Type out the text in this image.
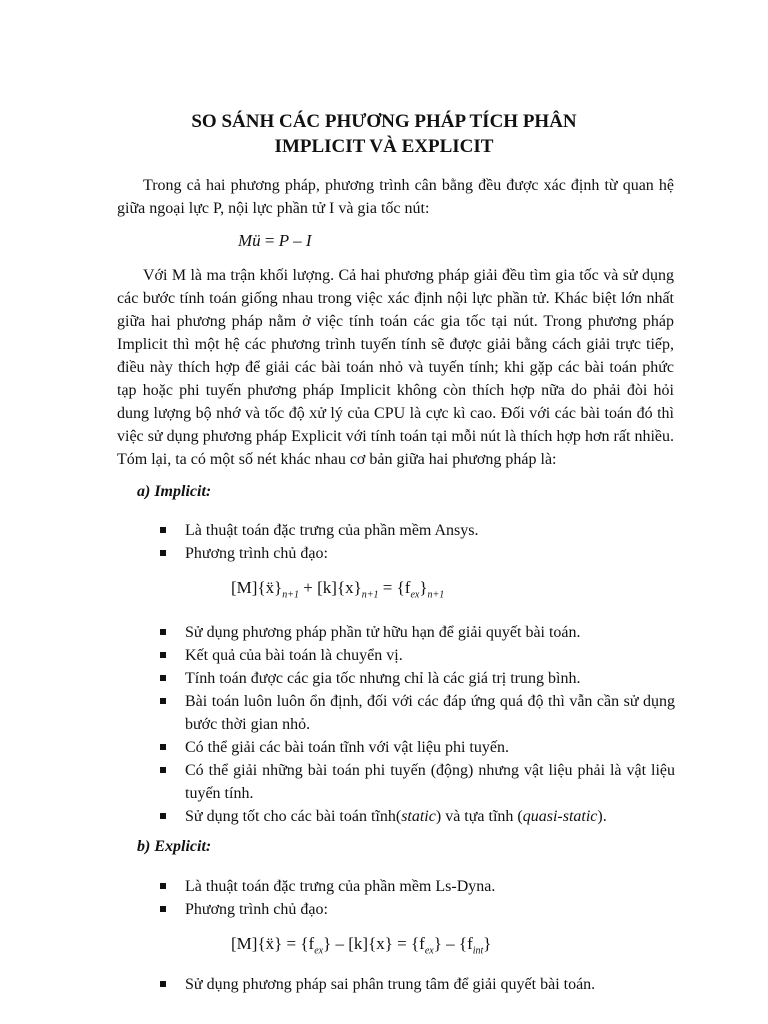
SO SÁNH CÁC PHƯƠNG PHÁP TÍCH PHÂN
IMPLICIT VÀ EXPLICIT

Trong cả hai phương pháp, phương trình cân bằng đều được xác định từ quan hệ giữa ngoại lực P, nội lực phần tử I và gia tốc nút:

Mü = P – I

Với M là ma trận khối lượng. Cả hai phương pháp giải đều tìm gia tốc và sử dụng các bước tính toán giống nhau trong việc xác định nội lực phần tử. Khác biệt lớn nhất giữa hai phương pháp nằm ở việc tính toán các gia tốc tại nút. Trong phương pháp Implicit thì một hệ các phương trình tuyến tính sẽ được giải bằng cách giải trực tiếp, điều này thích hợp để giải các bài toán nhỏ và tuyến tính; khi gặp các bài toán phức tạp hoặc phi tuyến phương pháp Implicit không còn thích hợp nữa do phải đòi hỏi dung lượng bộ nhớ và tốc độ xử lý của CPU là cực kì cao. Đối với các bài toán đó thì việc sử dụng phương pháp Explicit với tính toán tại mỗi nút là thích hợp hơn rất nhiều. Tóm lại, ta có một số nét khác nhau cơ bản giữa hai phương pháp là:

a) Implicit:
Là thuật toán đặc trưng của phần mềm Ansys.
Phương trình chủ đạo:
$[M]\{ẍ\}_{n+1} + [k]\{x\}_{n+1} = \{f_{ex}\}_{n+1}$
Sử dụng phương pháp phần tử hữu hạn để giải quyết bài toán.
Kết quả của bài toán là chuyển vị.
Tính toán được các gia tốc nhưng chỉ là các giá trị trung bình.
Bài toán luôn luôn ổn định, đối với các đáp ứng quá độ thì vẫn cần sử dụng bước thời gian nhỏ.
Có thể giải các bài toán tĩnh với vật liệu phi tuyến.
Có thể giải những bài toán phi tuyến (động) nhưng vật liệu phải là vật liệu tuyến tính.
Sử dụng tốt cho các bài toán tĩnh(static) và tựa tĩnh (quasi-static).
b) Explicit:
Là thuật toán đặc trưng của phần mềm Ls-Dyna.
Phương trình chủ đạo:
[M]{ẍ} = $\{f_{ex}\} - [k]\{x\} = \{f_{ex}\} - \{f_{int}\}$
Sử dụng phương pháp sai phân trung tâm để giải quyết bài toán.
